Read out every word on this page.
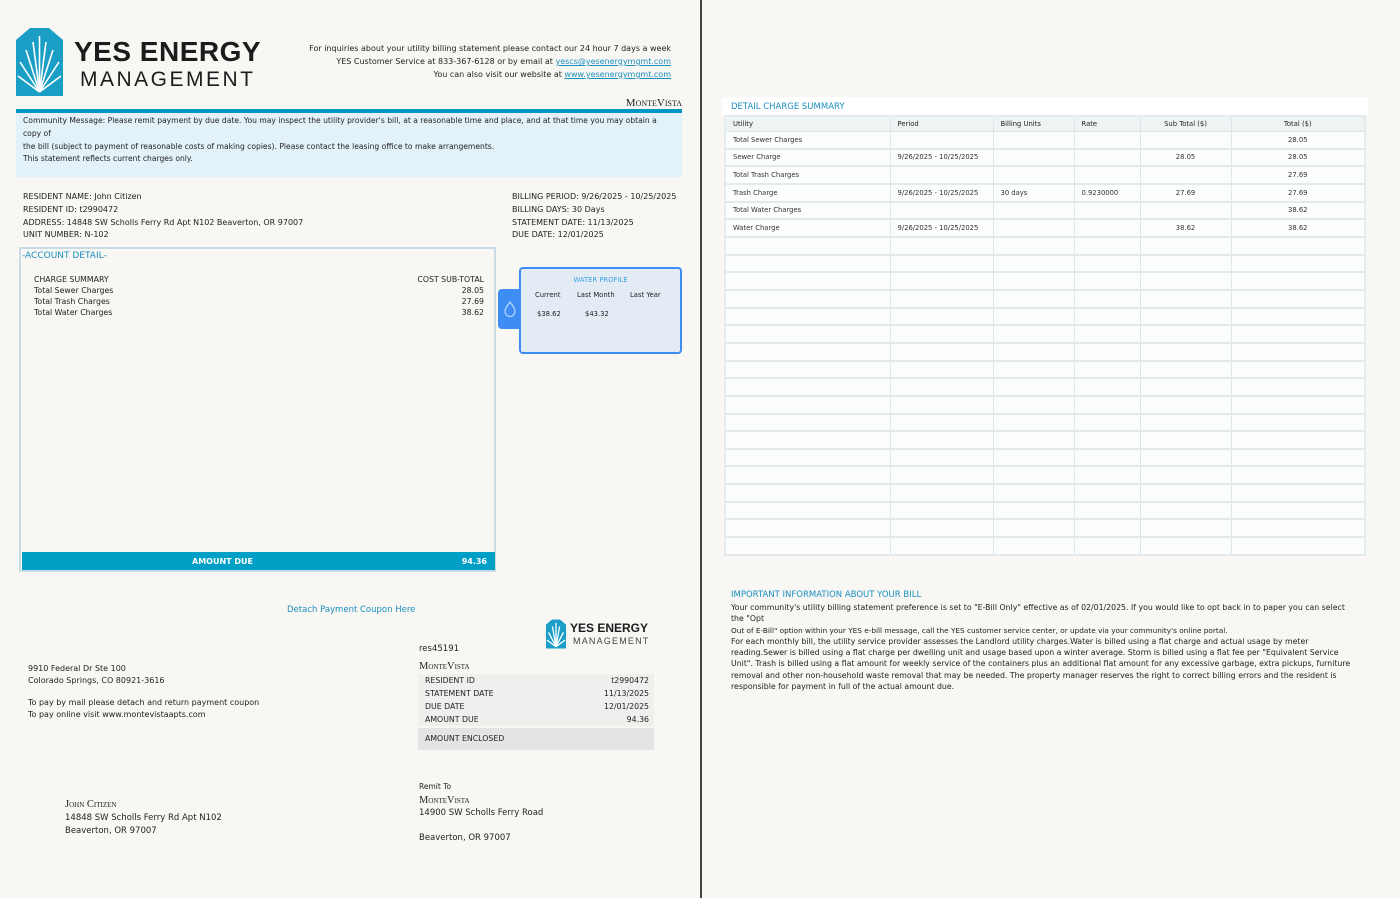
YES ENERGY
MANAGEMENT
For inquiries about your utility billing statement please contact our 24 hour 7 days a week
YES Customer Service at 833-367-6128 or by email at yescs@yesenergymgmt.com
You can also visit our website at www.yesenergymgmt.com
MonteVista
Community Message: Please remit payment by due date. You may inspect the utility provider's bill, at a reasonable time and place, and at that time you may obtain a copy of
the bill (subject to payment of reasonable costs of making copies). Please contact the leasing office to make arrangements.
This statement reflects current charges only.
RESIDENT NAME: John Citizen
RESIDENT ID: t2990472
ADDRESS: 14848 SW Scholls Ferry Rd Apt N102 Beaverton, OR 97007
UNIT NUMBER: N-102
BILLING PERIOD: 9/26/2025 - 10/25/2025
BILLING DAYS: 30 Days
STATEMENT DATE: 11/13/2025
DUE DATE: 12/01/2025
-ACCOUNT DETAIL-
CHARGE SUMMARY	COST SUB-TOTAL
Total Sewer Charges	28.05
Total Trash Charges	27.69
Total Water Charges	38.62
AMOUNT DUE	94.36
WATER PROFILE
Current Last Month Last Year
$38.62	$43.32
Detach Payment Coupon Here
YES ENERGY
MANAGEMENT
res45191
MonteVista
RESIDENT ID	t2990472
STATEMENT DATE	11/13/2025
DUE DATE	12/01/2025
AMOUNT DUE	94.36
AMOUNT ENCLOSED
9910 Federal Dr Ste 100
Colorado Springs, CO 80921-3616
To pay by mail please detach and return payment coupon
To pay online visit www.montevistaapts.com
John Citizen
14848 SW Scholls Ferry Rd Apt N102
Beaverton, OR 97007
Remit To
MonteVista
14900 SW Scholls Ferry Road
Beaverton, OR 97007
DETAIL CHARGE SUMMARY
Utility	Period	Billing Units	Rate	Sub Total ($)	Total ($)
Total Sewer Charges					28.05
Sewer Charge	9/26/2025 - 10/25/2025			28.05	28.05
Total Trash Charges					27.69
Trash Charge	9/26/2025 - 10/25/2025	30 days	0.9230000	27.69	27.69
Total Water Charges					38.62
Water Charge	9/26/2025 - 10/25/2025			38.62	38.62

IMPORTANT INFORMATION ABOUT YOUR BILL
Your community's utility billing statement preference is set to "E-Bill Only" effective as of 02/01/2025. If you would like to opt back in to paper you can select the "Opt
Out of E-Bill" option within your YES e-bill message, call the YES customer service center, or update via your community's online portal.
For each monthly bill, the utility service provider assesses the Landlord utility charges.Water is billed using a flat charge and actual usage by meter reading.Sewer is billed using a flat charge per dwelling unit and usage based upon a winter average. Storm is billed using a flat fee per "Equivalent Service Unit". Trash is billed using a flat amount for weekly service of the containers plus an additional flat amount for any excessive garbage, extra pickups, furniture removal and other non-household waste removal that may be needed. The property manager reserves the right to correct billing errors and the resident is responsible for payment in full of the actual amount due.
